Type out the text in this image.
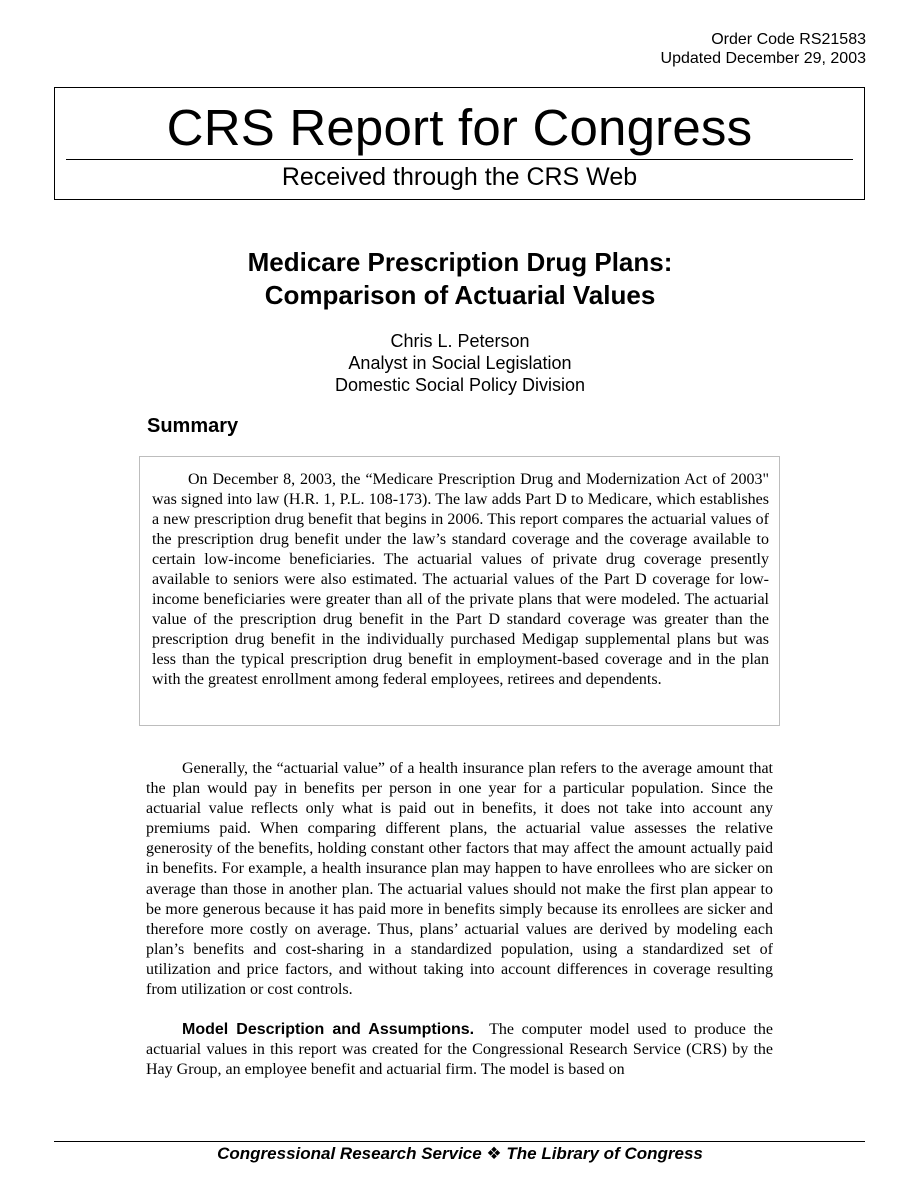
Order Code RS21583
Updated December 29, 2003
CRS Report for Congress
Received through the CRS Web
Medicare Prescription Drug Plans:
Comparison of Actuarial Values
Chris L. Peterson
Analyst in Social Legislation
Domestic Social Policy Division
Summary

On December 8, 2003, the “Medicare Prescription Drug and Modernization Act of 2003" was signed into law (H.R. 1, P.L. 108-173). The law adds Part D to Medicare, which establishes a new prescription drug benefit that begins in 2006. This report compares the actuarial values of the prescription drug benefit under the law’s standard coverage and the coverage available to certain low-income beneficiaries. The actuarial values of private drug coverage presently available to seniors were also estimated. The actuarial values of the Part D coverage for low-income beneficiaries were greater than all of the private plans that were modeled. The actuarial value of the prescription drug benefit in the Part D standard coverage was greater than the prescription drug benefit in the individually purchased Medigap supplemental plans but was less than the typical prescription drug benefit in employment-based coverage and in the plan with the greatest enrollment among federal employees, retirees and dependents.

Generally, the “actuarial value” of a health insurance plan refers to the average amount that the plan would pay in benefits per person in one year for a particular population. Since the actuarial value reflects only what is paid out in benefits, it does not take into account any premiums paid. When comparing different plans, the actuarial value assesses the relative generosity of the benefits, holding constant other factors that may affect the amount actually paid in benefits. For example, a health insurance plan may happen to have enrollees who are sicker on average than those in another plan. The actuarial values should not make the first plan appear to be more generous because it has paid more in benefits simply because its enrollees are sicker and therefore more costly on average. Thus, plans’ actuarial values are derived by modeling each plan’s benefits and cost-sharing in a standardized population, using a standardized set of utilization and price factors, and without taking into account differences in coverage resulting from utilization or cost controls.

Model Description and Assumptions. The computer model used to produce the actuarial values in this report was created for the Congressional Research Service (CRS) by the Hay Group, an employee benefit and actuarial firm. The model is based on

Congressional Research Service ❖ The Library of Congress
